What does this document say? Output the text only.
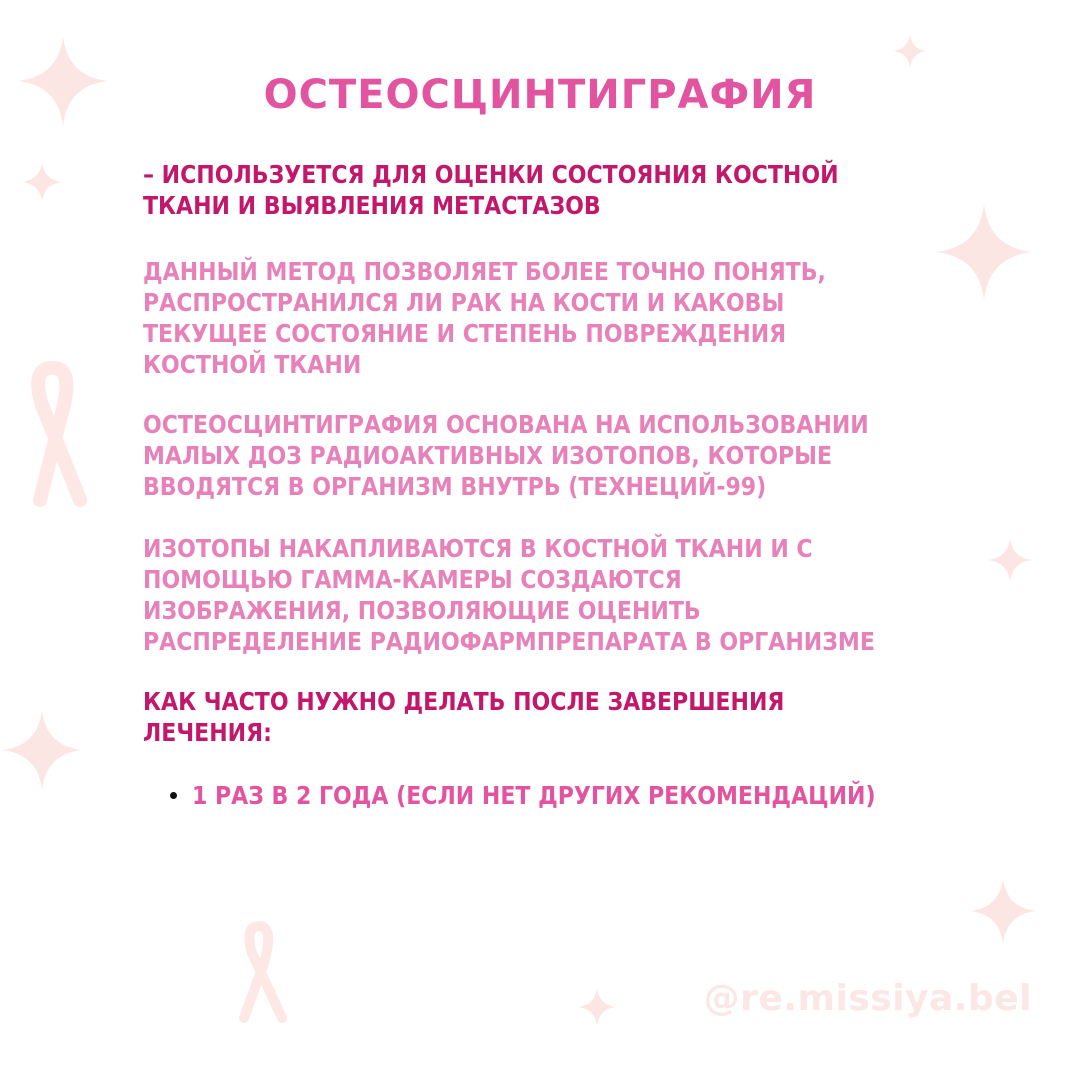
ОСТЕОСЦИНТИГРАФИЯ

– ИСПОЛЬЗУЕТСЯ ДЛЯ ОЦЕНКИ СОСТОЯНИЯ КОСТНОЙ
ТКАНИ И ВЫЯВЛЕНИЯ МЕТАСТАЗОВ

ДАННЫЙ МЕТОД ПОЗВОЛЯЕТ БОЛЕЕ ТОЧНО ПОНЯТЬ,
РАСПРОСТРАНИЛСЯ ЛИ РАК НА КОСТИ И КАКОВЫ
ТЕКУЩЕЕ СОСТОЯНИЕ И СТЕПЕНЬ ПОВРЕЖДЕНИЯ
КОСТНОЙ ТКАНИ

ОСТЕОСЦИНТИГРАФИЯ ОСНОВАНА НА ИСПОЛЬЗОВАНИИ
МАЛЫХ ДОЗ РАДИОАКТИВНЫХ ИЗОТОПОВ, КОТОРЫЕ
ВВОДЯТСЯ В ОРГАНИЗМ ВНУТРЬ (ТЕХНЕЦИЙ-99)

ИЗОТОПЫ НАКАПЛИВАЮТСЯ В КОСТНОЙ ТКАНИ И С
ПОМОЩЬЮ ГАММА-КАМЕРЫ СОЗДАЮТСЯ
ИЗОБРАЖЕНИЯ, ПОЗВОЛЯЮЩИЕ ОЦЕНИТЬ
РАСПРЕДЕЛЕНИЕ РАДИОФАРМПРЕПАРАТА В ОРГАНИЗМЕ

КАК ЧАСТО НУЖНО ДЕЛАТЬ ПОСЛЕ ЗАВЕРШЕНИЯ
ЛЕЧЕНИЯ:

1 РАЗ В 2 ГОДА (ЕСЛИ НЕТ ДРУГИХ РЕКОМЕНДАЦИЙ)
@re.missiya.bel
